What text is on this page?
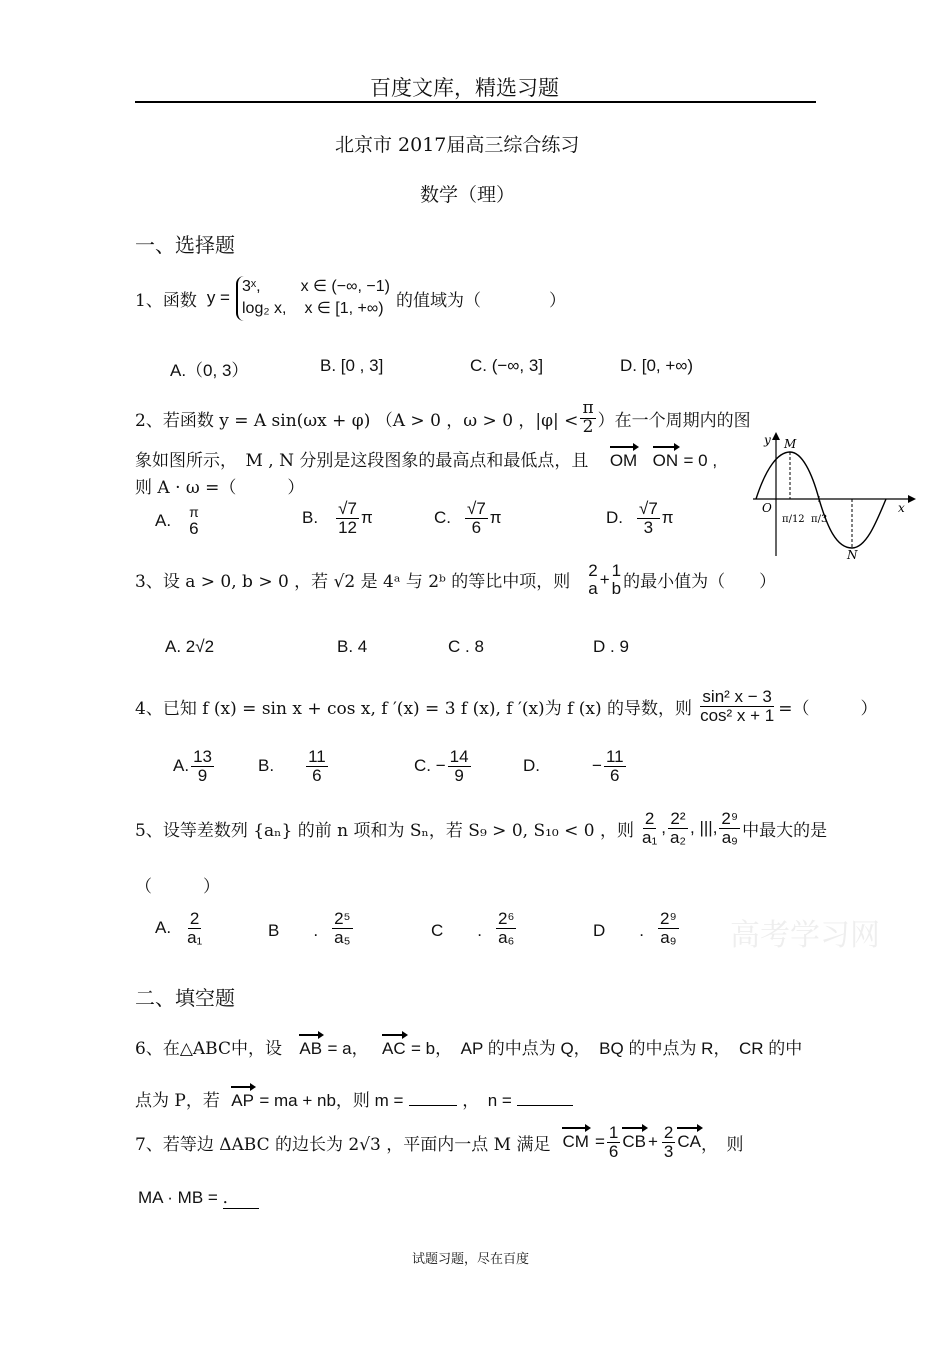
百度文库，精选习题
北京市 2017届高三综合练习
数学（理）
一、选择题
1、函数 y =
3ˣ,	x ∈ (−∞, −1)
log₂ x, x ∈ [1, +∞) 的值域为（　　　　）
A.（0, 3）	B. [0 , 3]	C. (−∞, 3]	D. [0, +∞)
2、若函数 y = A sin(ωx + φ) （A > 0 ，ω > 0 ，$|\varphi| < \frac{\pi}{2}$ ）在一个周期内的图
象如图所示，　M , N 分别是这段图象的最高点和最低点，且 OM ON = 0 ,
则 A · ω =（　　　）
A. π
6
B. $\frac{√7}{12}$ π	C. $\frac{√7}{6}$ π	D. $\frac{√7}{3}$ π
y
x
O
M
N
π/12 π/3
3、设 a > 0, b > 0 ，若 √2 是 4ᵃ 与 2ᵇ 的等比中项，则
2
a + 1
b 的最小值为（　　）
A. 2√2	B. 4	C . 8	D . 9
4、已知 f (x) = sin x + cos x, f ′(x) = 3 f (x), f ′(x)为 f (x) 的导数，则 $\frac{\text{sin² x − 3}}{\text{cos² x + 1}}$ =（　　　）
A. $\frac{13}{9}$	B. $\frac{11}{6}$	C. − $\frac{14}{9}$	D.	− $\frac{11}{6}$
5、设等差数列 {aₙ} 的前 n 项和为 Sₙ，若 S₉ > 0, S₁₀ < 0 ，则 $\frac{2}{\text{a₁}}$ , $\frac{\text{2²}}{\text{a₂}}$ , |||, $\frac{\text{2⁹}}{\text{a₉}}$ 中最大的是
（　　　）
A. $\frac{2}{\text{a₁}}$	B　　. $\frac{\text{2⁵}}{\text{a₅}}$	C　　. $\frac{\text{2⁶}}{\text{a₆}}$	D　　. $\frac{\text{2⁹}}{\text{a₉}}$ 高考学习网
二、填空题
6、在△ABC中，设 AB = a， AC = b，　AP 的中点为 Q，　BQ 的中点为 R，　CR 的中
点为 P，若 AP = ma + nb，则 m =	，　n =
7、若等边 ΔABC 的边长为 2√3 ，平面内一点 M 满足 CM = $\frac{1}{6}$ CB + $\frac{2}{3}$ CA ，　则
MA · MB = ．
试题习题，尽在百度
